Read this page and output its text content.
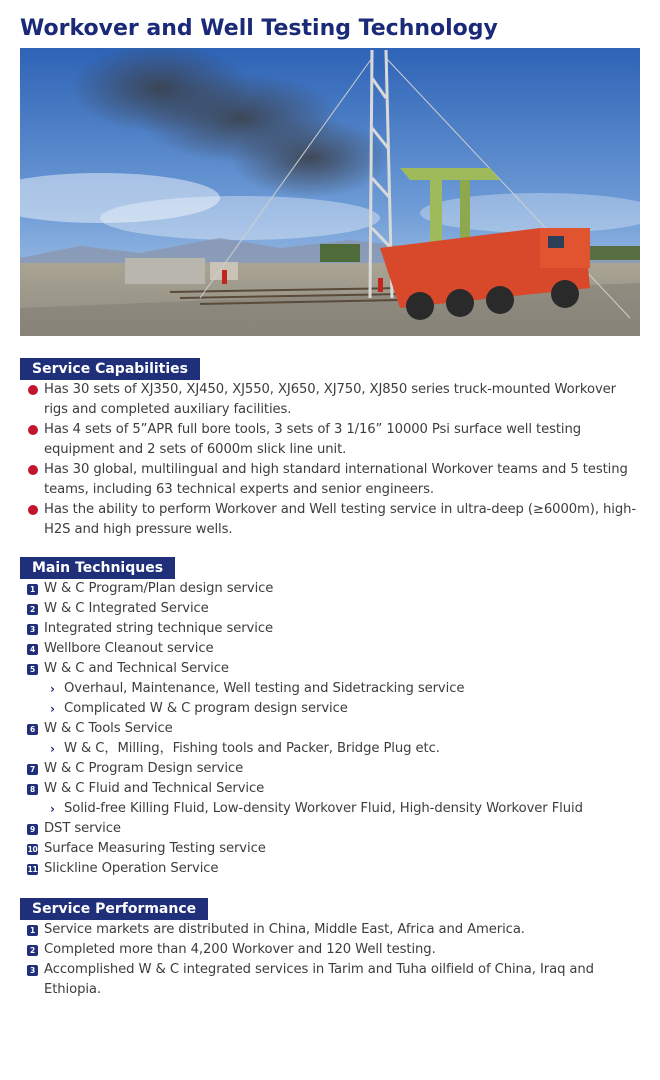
Workover and Well Testing Technology
Service Capabilities
Has 30 sets of XJ350, XJ450, XJ550, XJ650, XJ750, XJ850 series truck-mounted Workover rigs and completed auxiliary facilities.
Has 4 sets of 5”APR full bore tools, 3 sets of 3 1/16” 10000 Psi surface well testing equipment and 2 sets of 6000m slick line unit.
Has 30 global, multilingual and high standard international Workover teams and 5 testing teams, including 63 technical experts and senior engineers.
Has the ability to perform Workover and Well testing service in ultra-deep (≥6000m), high-H2S and high pressure wells.
Main Techniques
1 W & C Program/Plan design service
2 W & C Integrated Service
3 Integrated string technique service
4 Wellbore Cleanout service
5 W & C and Technical Service
› Overhaul, Maintenance, Well testing and Sidetracking service
› Complicated W & C program design service
6 W & C Tools Service
› W & C，Milling，Fishing tools and Packer, Bridge Plug etc.
7 W & C Program Design service
8 W & C Fluid and Technical Service
› Solid-free Killing Fluid, Low-density Workover Fluid, High-density Workover Fluid
9 DST service
10 Surface Measuring Testing service
11 Slickline Operation Service
Service Performance
1 Service markets are distributed in China, Middle East, Africa and America.
2 Completed more than 4,200 Workover and 120 Well testing.
3 Accomplished W & C integrated services in Tarim and Tuha oilfield of China, Iraq and Ethiopia.
